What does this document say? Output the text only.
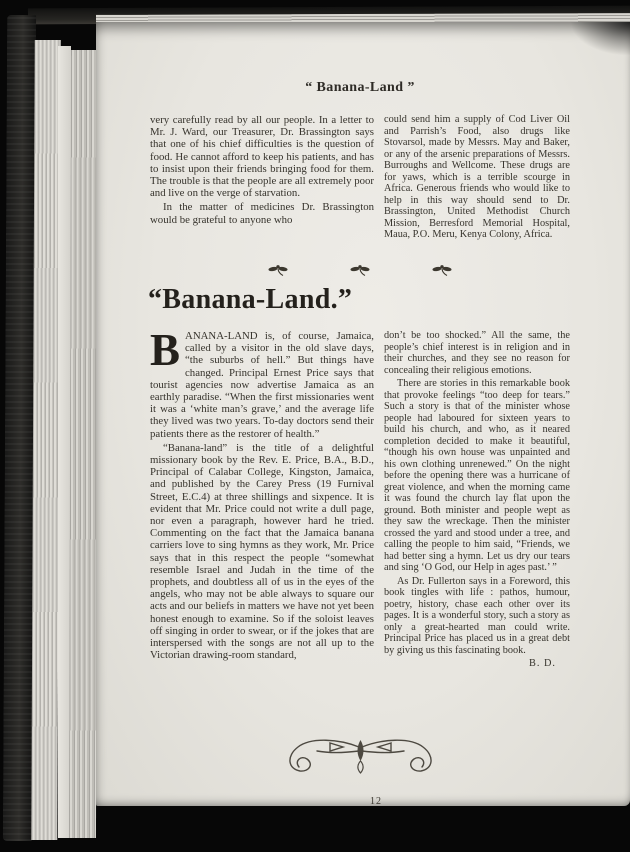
“ Banana-Land ”

very carefully read by all our people. In a letter to Mr. J. Ward, our Treasurer, Dr. Brassington says that one of his chief difficulties is the question of food. He cannot afford to keep his patients, and has to insist upon their friends bringing food for them. The trouble is that the people are all extremely poor and live on the verge of starvation.

In the matter of medicines Dr. Brassington would be grateful to anyone who

could send him a supply of Cod Liver Oil and Parrish’s Food, also drugs like Stovarsol, made by Messrs. May and Baker, or any of the arsenic preparations of Messrs. Burroughs and Wellcome. These drugs are for yaws, which is a terrible scourge in Africa. Generous friends who would like to help in this way should send to Dr. Brassington, United Methodist Church Mission, Berresford Memorial Hospital, Maua, P.O. Meru, Kenya Colony, Africa.

“Banana-Land.”

BANANA-LAND is, of course, Jamaica, called by a visitor in the old slave days, “the suburbs of hell.” But things have changed. Principal Ernest Price says that tourist agencies now advertise Jamaica as an earthly paradise. “When the first missionaries went it was a ‘white man’s grave,’ and the average life they lived was two years. To-day doctors send their patients there as the restorer of health.”

“Banana-land” is the title of a delightful missionary book by the Rev. E. Price, B.A., B.D., Principal of Calabar College, Kingston, Jamaica, and published by the Carey Press (19 Furnival Street, E.C.4) at three shillings and sixpence. It is evident that Mr. Price could not write a dull page, nor even a paragraph, however hard he tried. Commenting on the fact that the Jamaica banana carriers love to sing hymns as they work, Mr. Price says that in this respect the people “somewhat resemble Israel and Judah in the time of the prophets, and doubtless all of us in the eyes of the angels, who may not be able always to square our acts and our beliefs in matters we have not yet been honest enough to examine. So if the soloist leaves off singing in order to swear, or if the jokes that are interspersed with the songs are not all up to the Victorian drawing-room standard,

don’t be too shocked.” All the same, the people’s chief interest is in religion and in their churches, and they see no reason for concealing their religious emotions.

There are stories in this remarkable book that provoke feelings “too deep for tears.” Such a story is that of the minister whose people had laboured for sixteen years to build his church, and who, as it neared completion decided to make it beautiful, “though his own house was unpainted and his own clothing unrenewed.” On the night before the opening there was a hurricane of great violence, and when the morning came it was found the church lay flat upon the ground. Both minister and people wept as they saw the wreckage. Then the minister crossed the yard and stood under a tree, and calling the people to him said, “Friends, we had better sing a hymn. Let us dry our tears and sing ‘O God, our Help in ages past.’ ”

As Dr. Fullerton says in a Foreword, this book tingles with life : pathos, humour, poetry, history, chase each other over its pages. It is a wonderful story, such a story as only a great-hearted man could write. Principal Price has placed us in a great debt by giving us this fascinating book.

B. D.

12
